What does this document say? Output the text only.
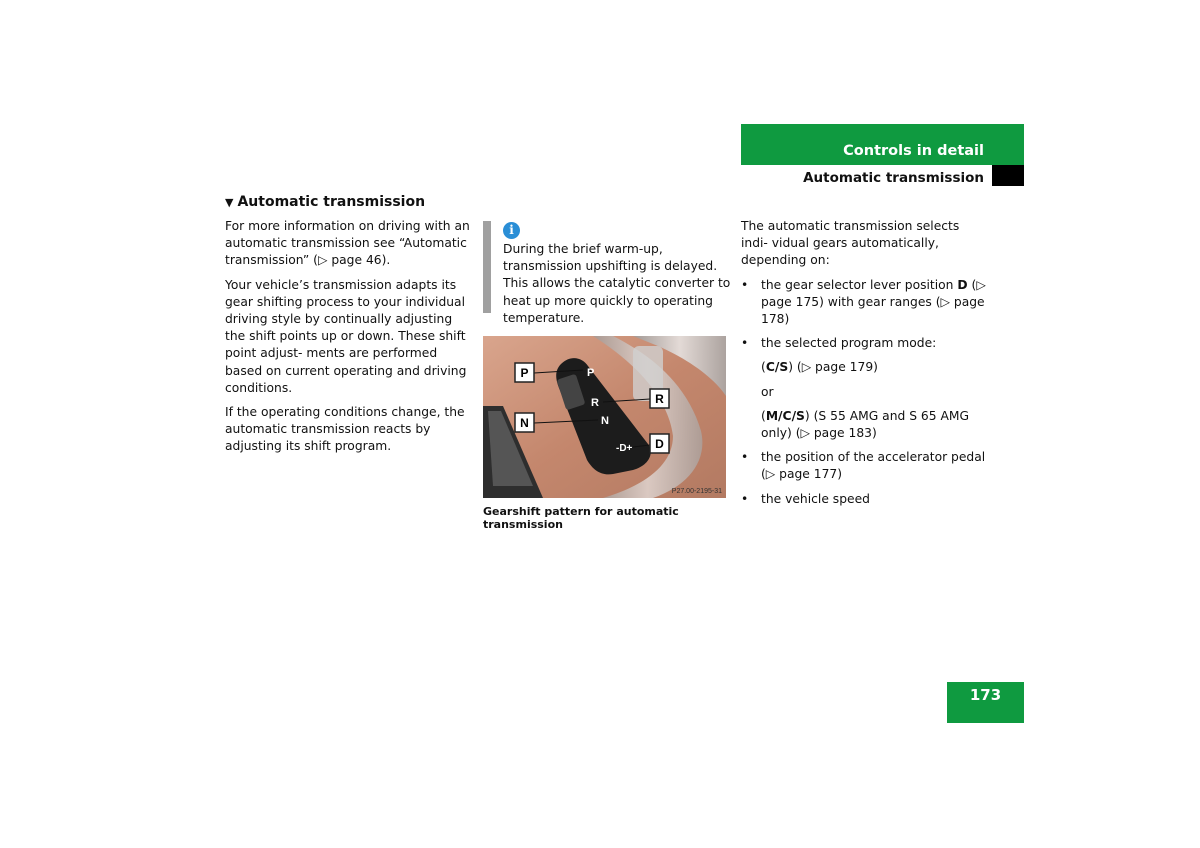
Controls in detail
Automatic transmission
▼ Automatic transmission

For more information on driving with an automatic transmission see “Automatic transmission” (▷ page 46).

Your vehicle’s transmission adapts its gear shifting process to your individual driving style by continually adjusting the shift points up or down. These shift point adjust- ments are performed based on current operating and driving conditions.

If the operating conditions change, the automatic transmission reacts by adjusting its shift program.

i
During the brief warm-up, transmission upshifting is delayed. This allows the catalytic converter to heat up more quickly to operating temperature.
P
R
N
-D+
P
N
R
D
P27.00-2195-31
Gearshift pattern for automatic transmission

The automatic transmission selects indi- vidual gears automatically, depending on:

• the gear selector lever position D (▷ page 175) with gear ranges (▷ page 178)
• the selected program mode:

(C/S) (▷ page 179)

or

(M/C/S) (S 55 AMG and S 65 AMG only) (▷ page 183)

• the position of the accelerator pedal (▷ page 177)
• the vehicle speed
173
